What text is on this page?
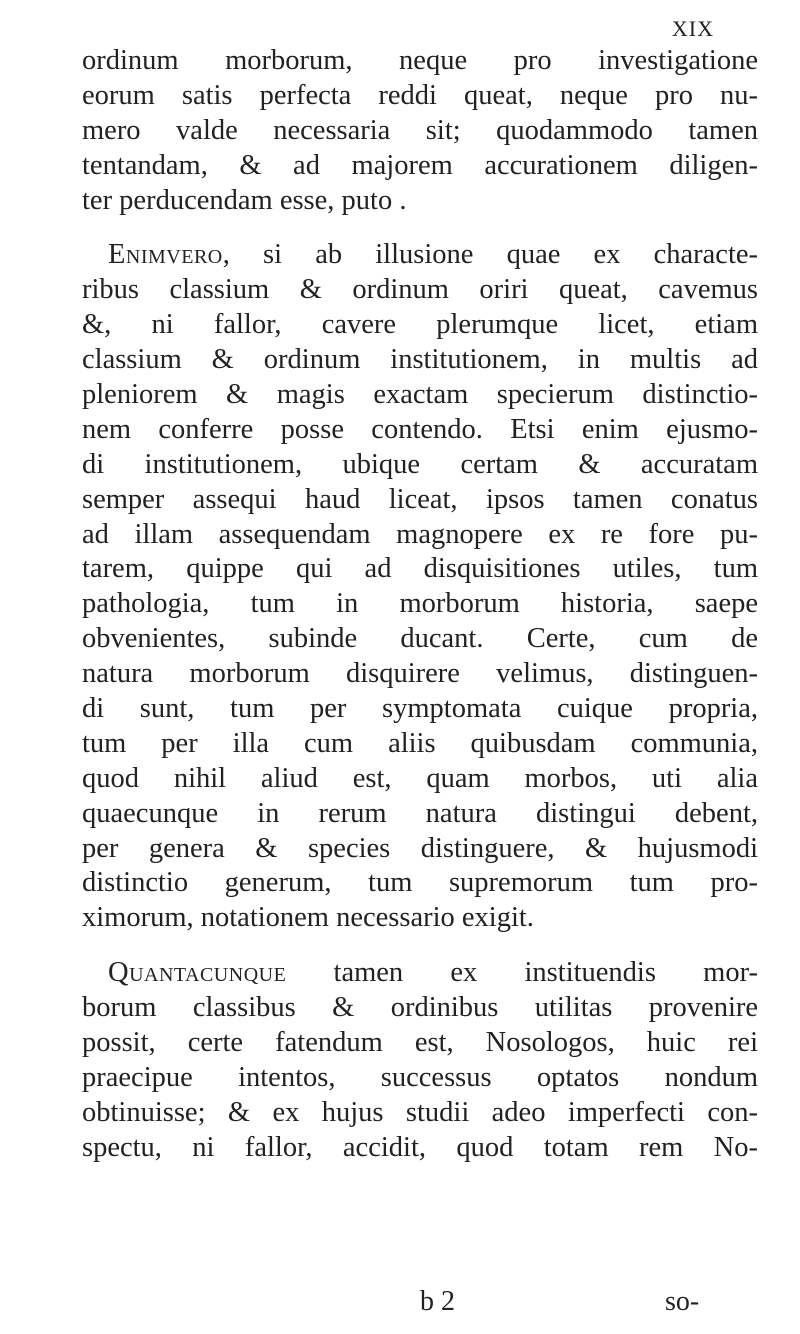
XIX
ordinum morborum, neque pro investigatione
eorum satis perfecta reddi queat, neque pro nu-
mero valde necessaria sit; quodammodo tamen
tentandam, & ad majorem accurationem diligen-
ter perducendam esse, puto .
Enimvero, si ab illusione quae ex characte-
ribus classium & ordinum oriri queat, cavemus
&, ni fallor, cavere plerumque licet, etiam
classium & ordinum institutionem, in multis ad
pleniorem & magis exactam specierum distinctio-
nem conferre posse contendo. Etsi enim ejusmo-
di institutionem, ubique certam & accuratam
semper assequi haud liceat, ipsos tamen conatus
ad illam assequendam magnopere ex re fore pu-
tarem, quippe qui ad disquisitiones utiles, tum
pathologia, tum in morborum historia, saepe
obvenientes, subinde ducant. Certe, cum de
natura morborum disquirere velimus, distinguen-
di sunt, tum per symptomata cuique propria,
tum per illa cum aliis quibusdam communia,
quod nihil aliud est, quam morbos, uti alia
quaecunque in rerum natura distingui debent,
per genera & species distinguere, & hujusmodi
distinctio generum, tum supremorum tum pro-
ximorum, notationem necessario exigit.
Quantacunque tamen ex instituendis mor-
borum classibus & ordinibus utilitas provenire
possit, certe fatendum est, Nosologos, huic rei
praecipue intentos, successus optatos nondum
obtinuisse; & ex hujus studii adeo imperfecti con-
spectu, ni fallor, accidit, quod totam rem No-
b 2	so-
